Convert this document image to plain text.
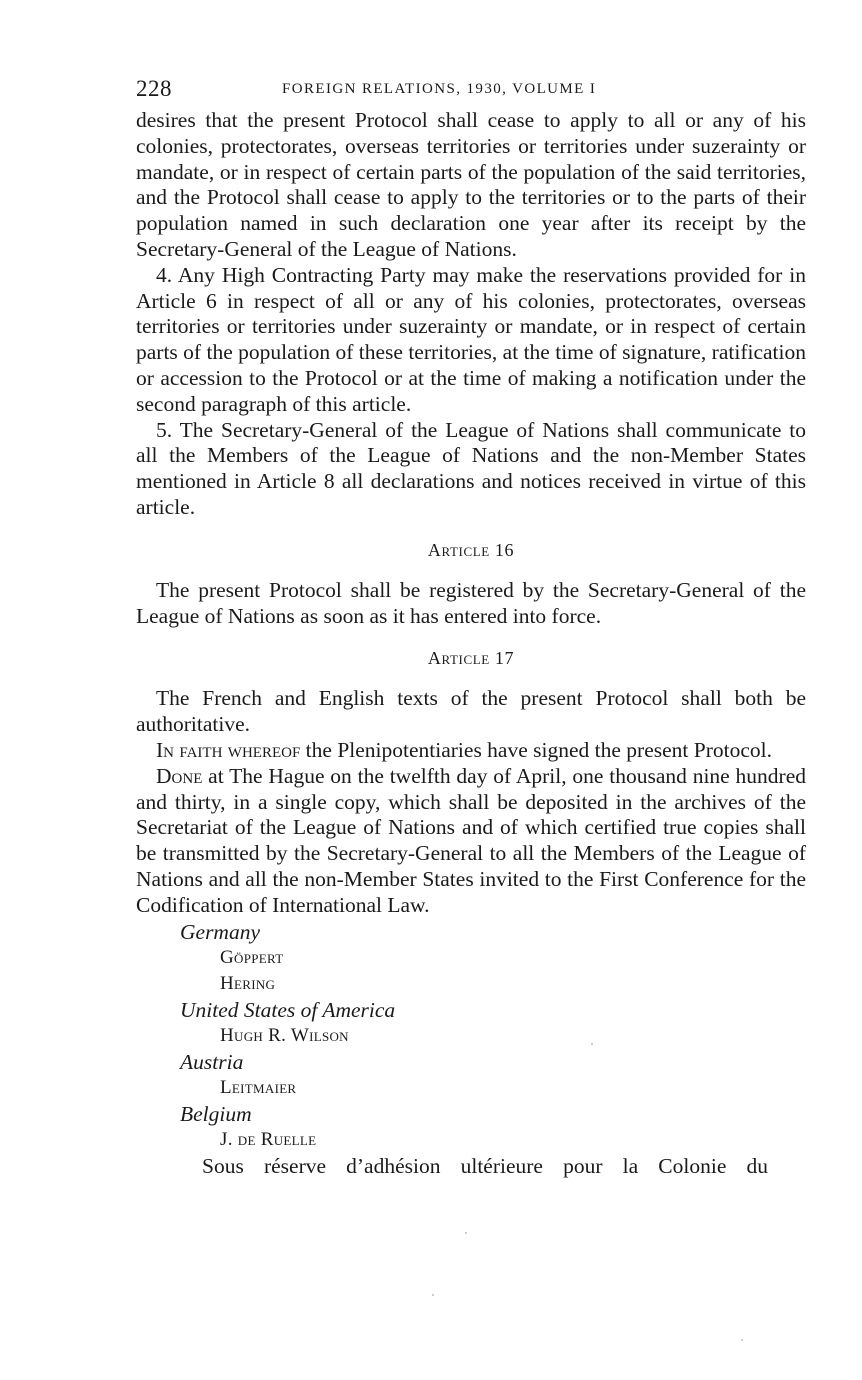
228	FOREIGN RELATIONS, 1930, VOLUME I

desires that the present Protocol shall cease to apply to all or any of his colonies, protectorates, overseas territories or territories under suzerainty or mandate, or in respect of certain parts of the population of the said territories, and the Protocol shall cease to apply to the territories or to the parts of their population named in such declaration one year after its receipt by the Secretary-General of the League of Nations.

4. Any High Contracting Party may make the reservations provided for in Article 6 in respect of all or any of his colonies, protectorates, overseas territories or territories under suzerainty or mandate, or in respect of certain parts of the population of these territories, at the time of signature, ratification or accession to the Protocol or at the time of making a notification under the second paragraph of this article.

5. The Secretary-General of the League of Nations shall communicate to all the Members of the League of Nations and the non-Member States mentioned in Article 8 all declarations and notices received in virtue of this article.

Article 16

The present Protocol shall be registered by the Secretary-General of the League of Nations as soon as it has entered into force.

Article 17

The French and English texts of the present Protocol shall both be authoritative.

In faith whereof the Plenipotentiaries have signed the present Protocol.

Done at The Hague on the twelfth day of April, one thousand nine hundred and thirty, in a single copy, which shall be deposited in the archives of the Secretariat of the League of Nations and of which certified true copies shall be transmitted by the Secretary-General to all the Members of the League of Nations and all the non-Member States invited to the First Conference for the Codification of International Law.

Germany

Göppert

Hering

United States of America

Hugh R. Wilson

Austria

Leitmaier

Belgium

J. de Ruelle

Sous réserve d’adhésion ultérieure pour la Colonie du
